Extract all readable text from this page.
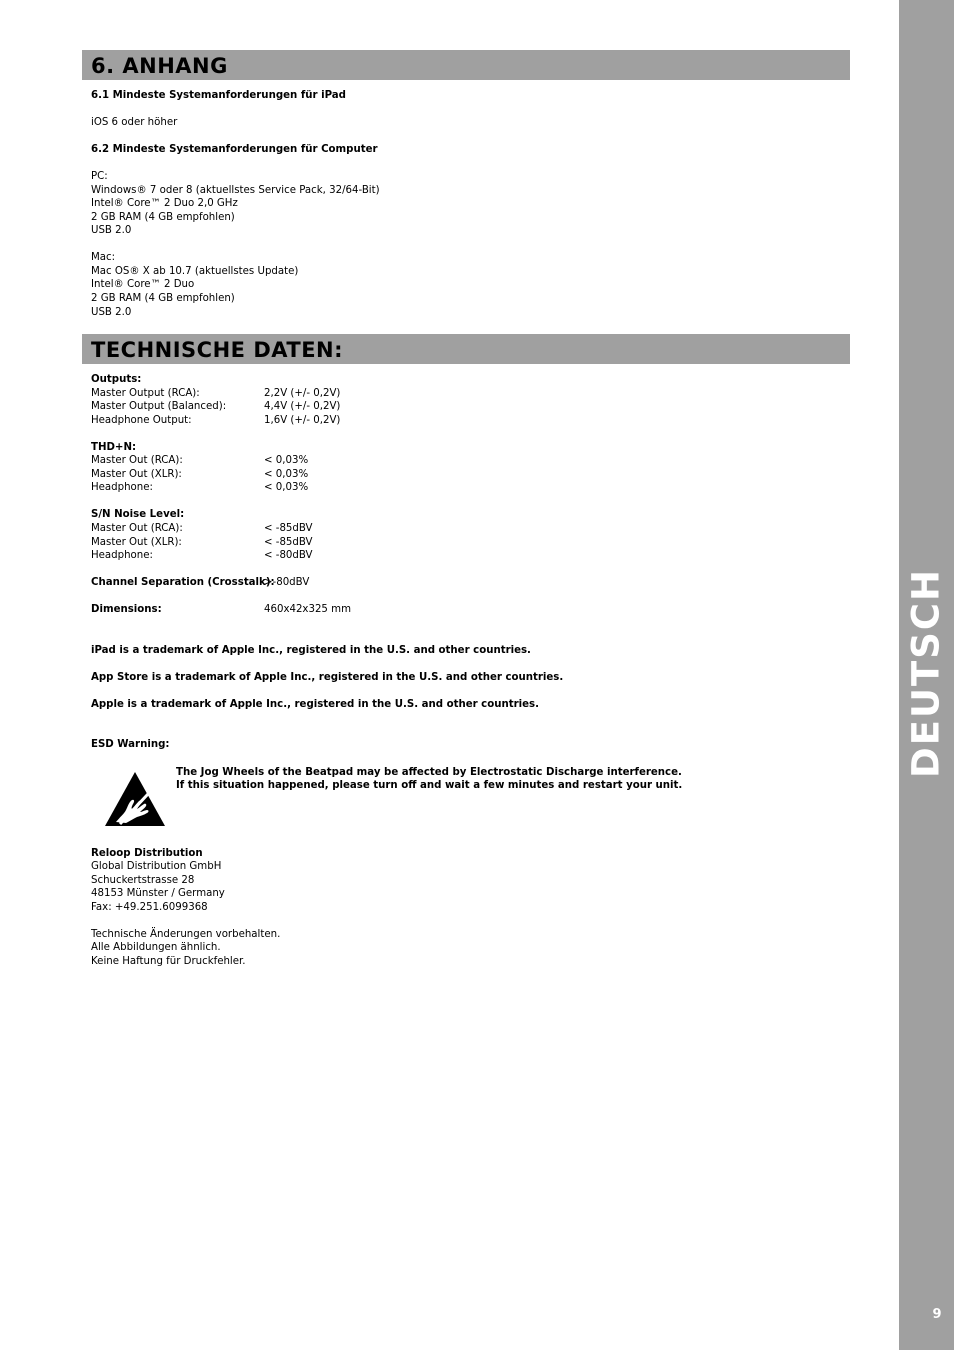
DEUTSCH
9
6. ANHANG
6.1 Mindeste Systemanforderungen für iPad
iOS 6 oder höher
6.2 Mindeste Systemanforderungen für Computer
PC:
Windows® 7 oder 8 (aktuellstes Service Pack, 32/64-Bit)
Intel® Core™ 2 Duo 2,0 GHz
2 GB RAM (4 GB empfohlen)
USB 2.0
Mac:
Mac OS® X ab 10.7 (aktuellstes Update)
Intel® Core™ 2 Duo
2 GB RAM (4 GB empfohlen)
USB 2.0
TECHNISCHE DATEN:
Outputs:
Master Output (RCA):	2,2V (+/- 0,2V)
Master Output (Balanced):	4,4V (+/- 0,2V)
Headphone Output:	1,6V (+/- 0,2V)
THD+N:
Master Out (RCA):	< 0,03%
Master Out (XLR):	< 0,03%
Headphone:	< 0,03%
S/N Noise Level:
Master Out (RCA):	< -85dBV
Master Out (XLR):	< -85dBV
Headphone:	< -80dBV
Channel Separation (Crosstalk):
>-80dBV
Dimensions:	460x42x325 mm
iPad is a trademark of Apple Inc., registered in the U.S. and other countries.
App Store is a trademark of Apple Inc., registered in the U.S. and other countries.
Apple is a trademark of Apple Inc., registered in the U.S. and other countries.
ESD Warning:
The Jog Wheels of the Beatpad may be affected by Electrostatic Discharge interference.
If this situation happened, please turn off and wait a few minutes and restart your unit.
Reloop Distribution
Global Distribution GmbH
Schuckertstrasse 28
48153 Münster / Germany
Fax: +49.251.6099368
Technische Änderungen vorbehalten.
Alle Abbildungen ähnlich.
Keine Haftung für Druckfehler.
